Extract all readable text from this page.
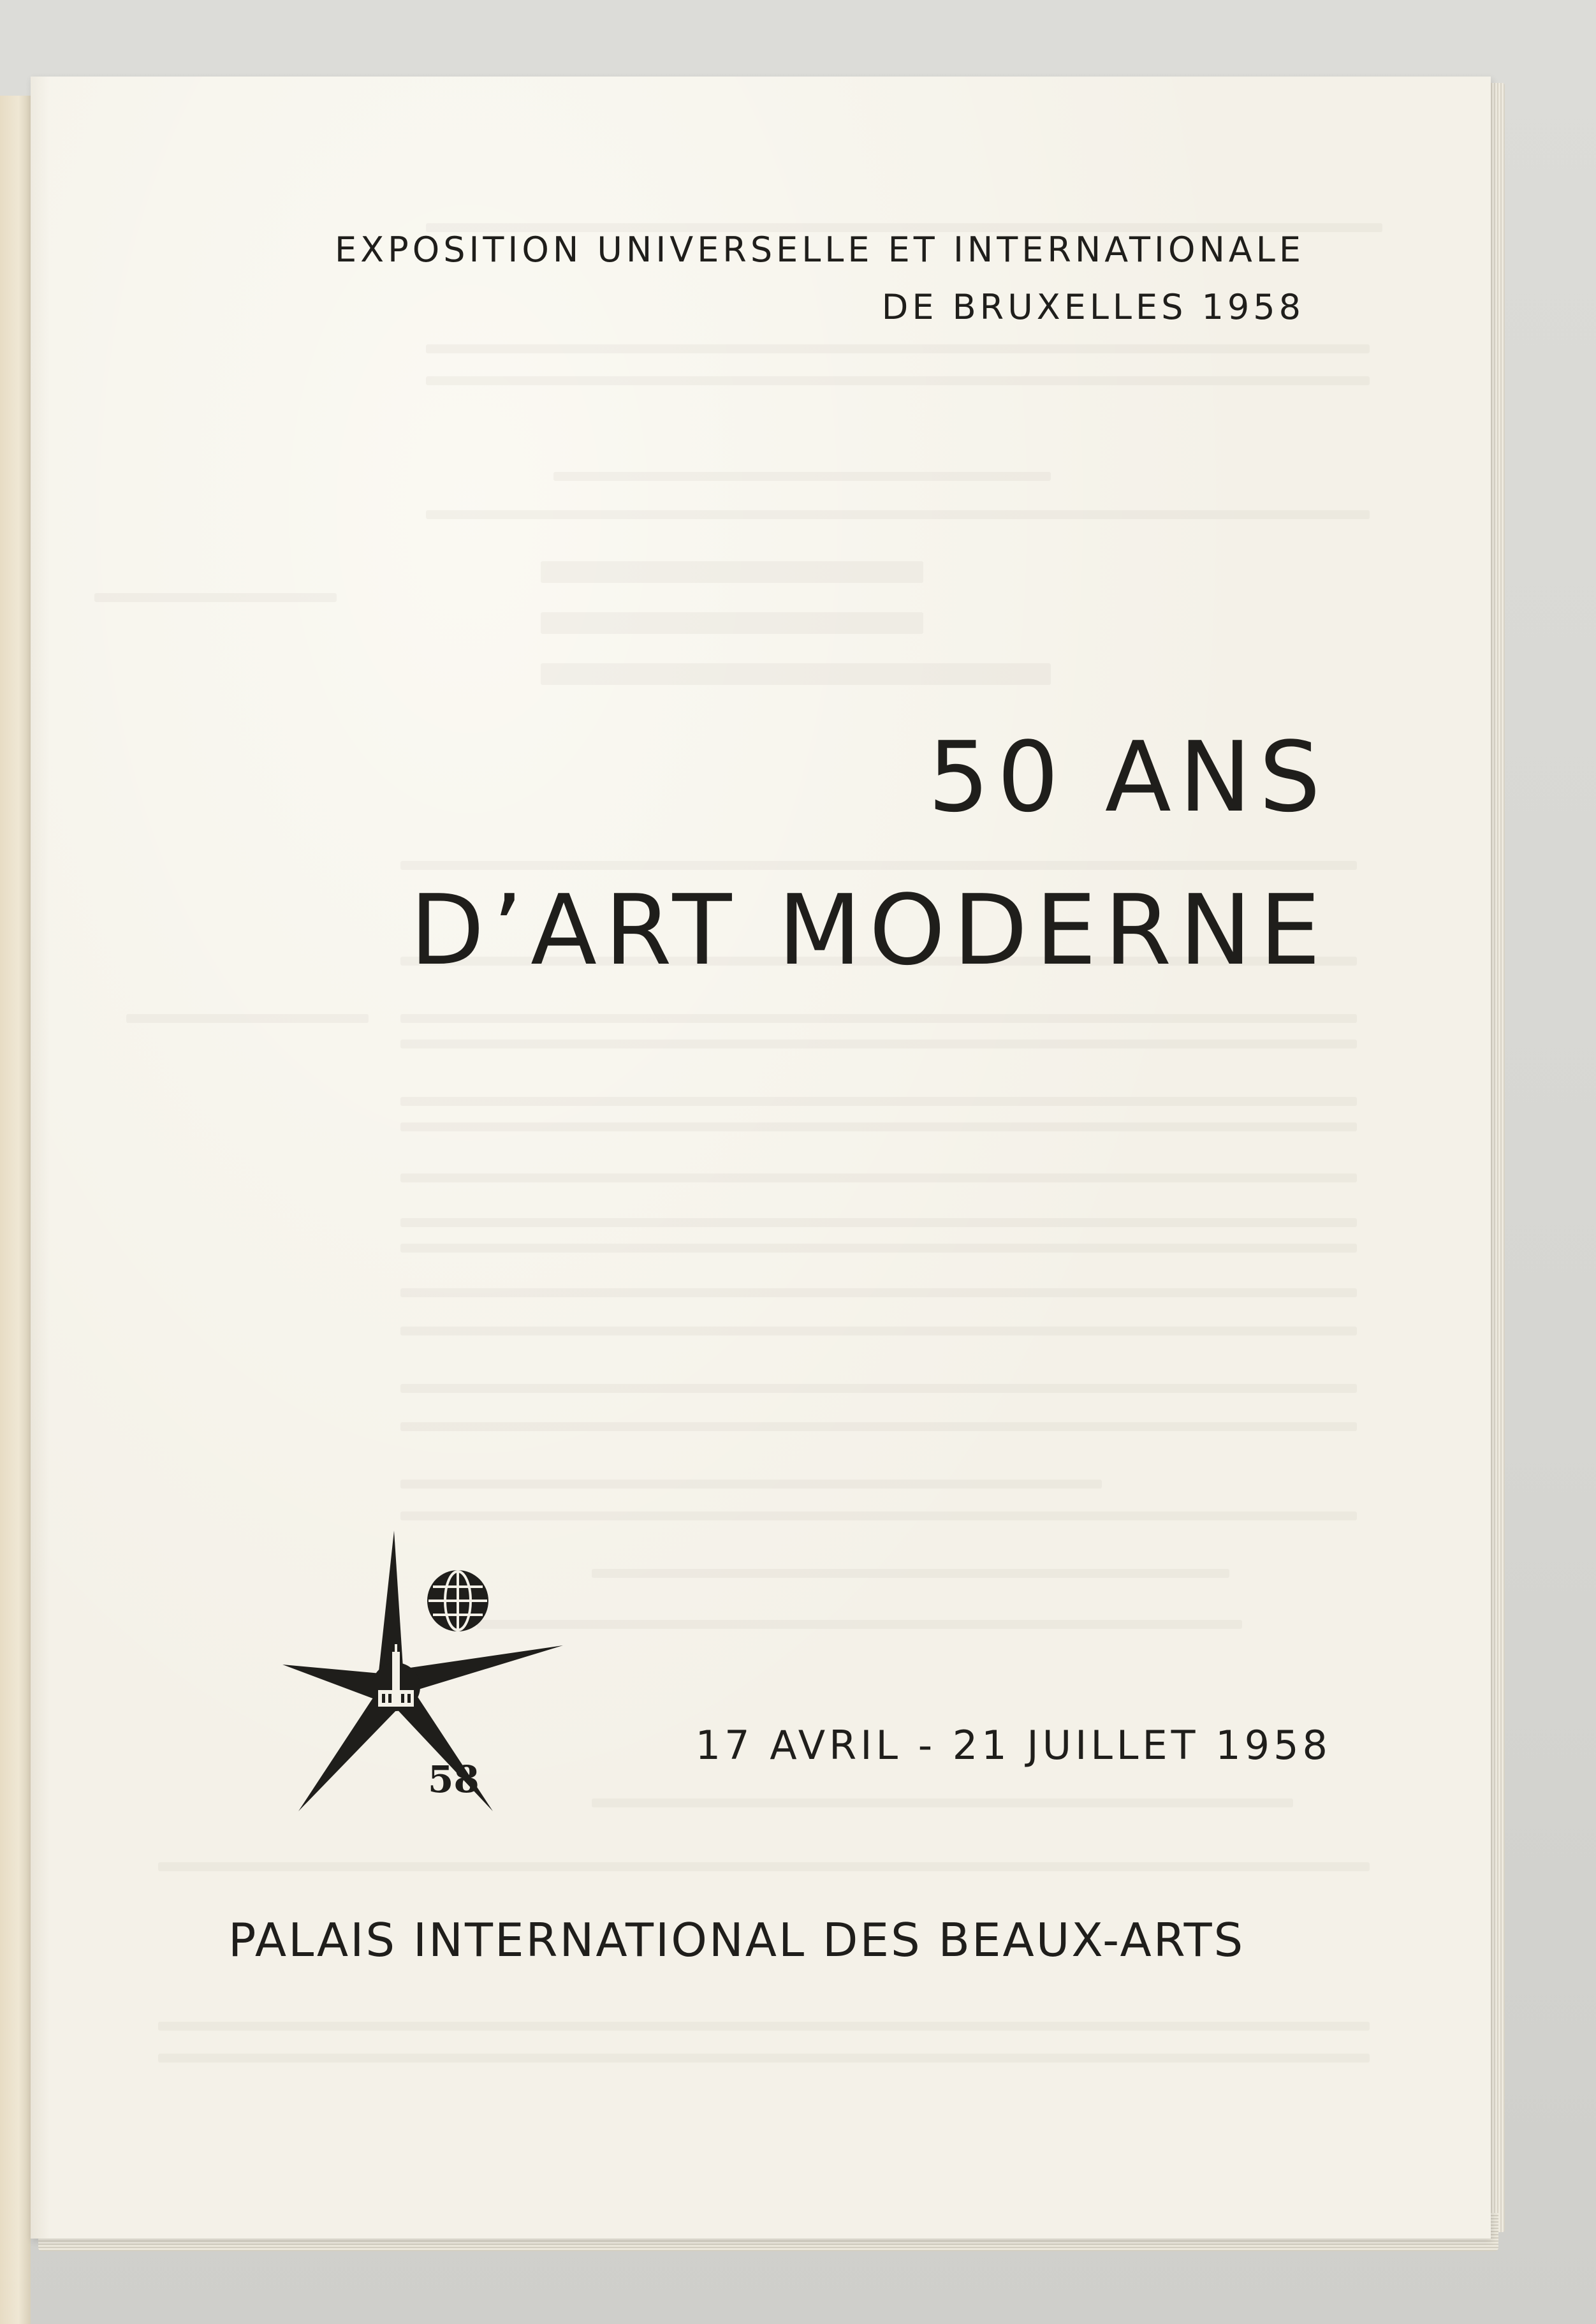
EXPOSITION UNIVERSELLE ET INTERNATIONALE

DE BRUXELLES 1958

50 ANS

D’ART MODERNE

58

17 AVRIL - 21 JUILLET 1958

PALAIS INTERNATIONAL DES BEAUX-ARTS
